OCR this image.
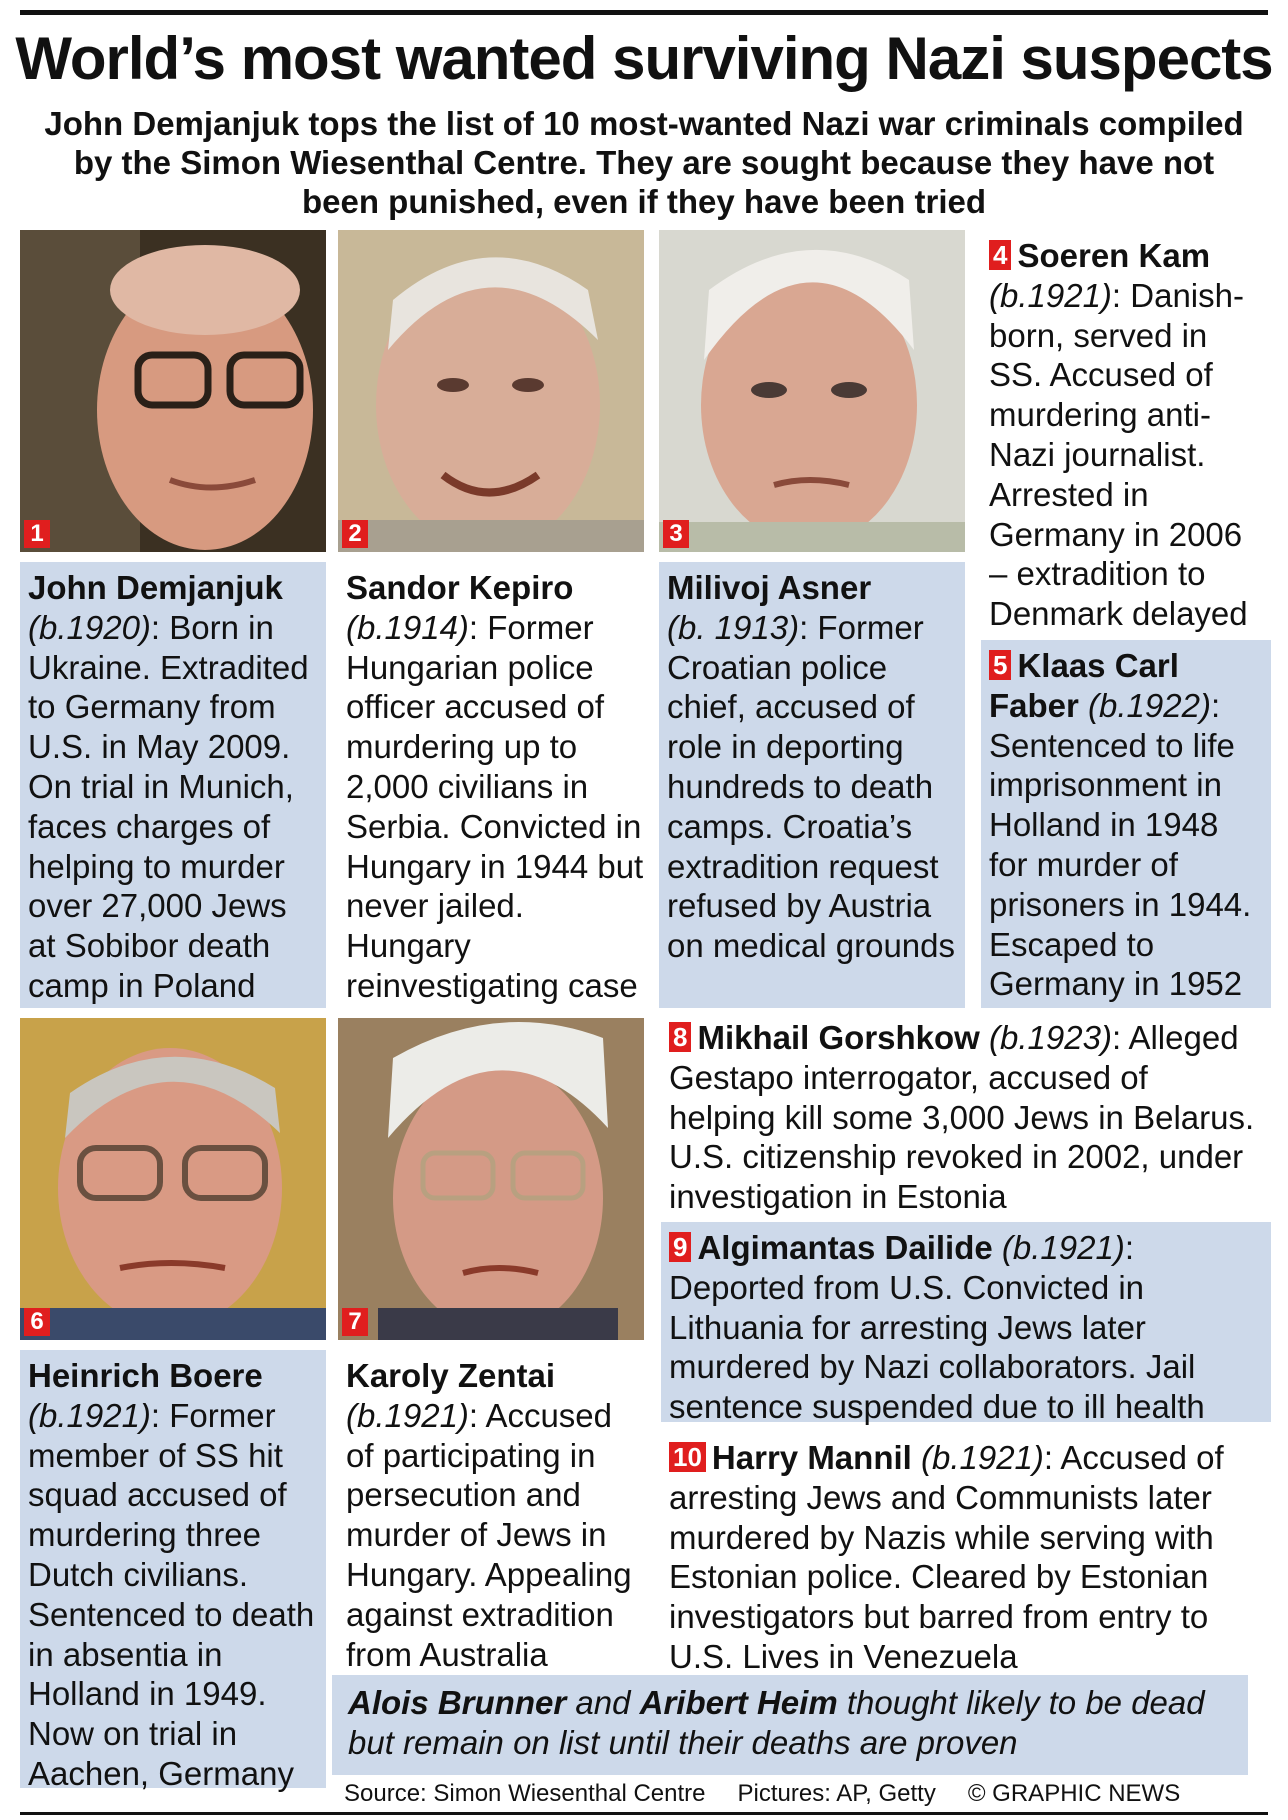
World’s most wanted surviving Nazi suspects
John Demjanjuk tops the list of 10 most-wanted Nazi war criminals compiled by the Simon Wiesenthal Centre. They are sought because they have not been punished, even if they have been tried
1	2	3
6	7
John Demjanjuk
(b.1920): Born in Ukraine. Extradited to Germany from U.S. in May 2009. On trial in Munich, faces charges of helping to murder over 27,000 Jews at Sobibor death camp in Poland
Sandor Kepiro
(b.1914): Former Hungarian police officer accused of murdering up to 2,000 civilians in Serbia. Convicted in Hungary in 1944 but never jailed. Hungary reinvestigating case
Milivoj Asner
(b. 1913): Former Croatian police chief, accused of role in deporting hundreds to death camps. Croatia’s extradition request refused by Austria on medical grounds
4 Soeren Kam
(b.1921): Danish-born, served in SS. Accused of murdering anti-Nazi journalist. Arrested in Germany in 2006 – extradition to Denmark delayed
5 Klaas Carl Faber (b.1922): Sentenced to life imprisonment in Holland in 1948 for murder of prisoners in 1944. Escaped to Germany in 1952
Heinrich Boere
(b.1921): Former member of SS hit squad accused of murdering three Dutch civilians. Sentenced to death in absentia in Holland in 1949. Now on trial in Aachen, Germany
Karoly Zentai
(b.1921): Accused of participating in persecution and murder of Jews in Hungary. Appealing against extradition from Australia
8 Mikhail Gorshkow (b.1923): Alleged Gestapo interrogator, accused of helping kill some 3,000 Jews in Belarus. U.S. citizenship revoked in 2002, under investigation in Estonia
9 Algimantas Dailide (b.1921): Deported from U.S. Convicted in Lithuania for arresting Jews later murdered by Nazi collaborators. Jail sentence suspended due to ill health
10 Harry Mannil (b.1921): Accused of arresting Jews and Communists later murdered by Nazis while serving with Estonian police. Cleared by Estonian investigators but barred from entry to U.S. Lives in Venezuela
Alois Brunner and Aribert Heim thought likely to be dead but remain on list until their deaths are proven
Source: Simon Wiesenthal Centre Pictures: AP, Getty © GRAPHIC NEWS
